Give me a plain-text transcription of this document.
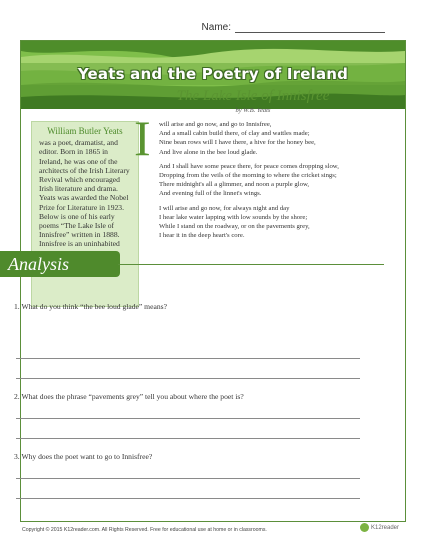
Name:
Yeats and the Poetry of Ireland
William Butler Yeats

was a poet, dramatist, and editor. Born in 1865 in Ireland, he was one of the architects of the Irish Literary Revival which encouraged Irish literature and drama. Yeats was awarded the Nobel Prize for Literature in 1923. Below is one of his early poems “The Lake Isle of Innisfree” written in 1888. Innisfree is an uninhabited

The Lake Isle of Innisfree
by W.B. Yeats
I will arise and go now, and go to Innisfree,
And a small cabin build there, of clay and wattles made;
Nine bean rows will I have there, a hive for the honey bee,
And live alone in the bee loud glade.
And I shall have some peace there, for peace comes dropping slow,
Dropping from the veils of the morning to where the cricket sings;
There midnight's all a glimmer, and noon a purple glow,
And evening full of the linnet's wings.
I will arise and go now, for always night and day
I hear lake water lapping with low sounds by the shore;
While I stand on the roadway, or on the pavements grey,
I hear it in the deep heart's core.
Analysis
1. What do you think “the bee loud glade” means?
2. What does the phrase “pavements grey” tell you about where the poet is?
3. Why does the poet want to go to Innisfree?
Copyright © 2015 K12reader.com. All Rights Reserved. Free for educational use at home or in classrooms.	K12reader
